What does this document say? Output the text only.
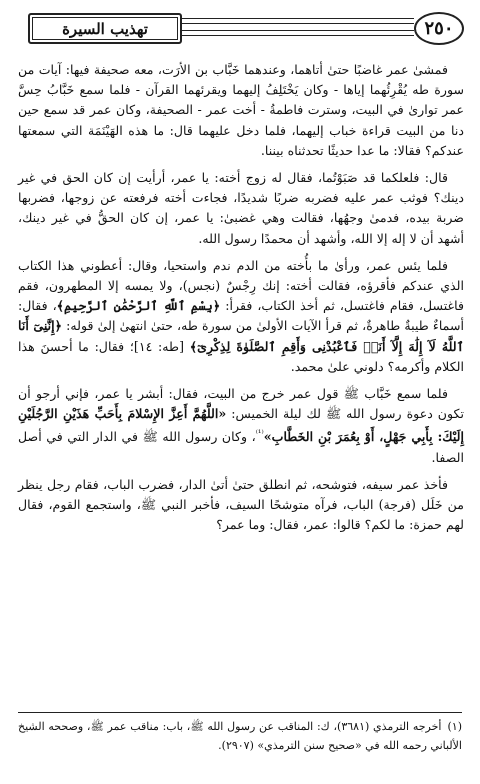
تهذيب السيرة	٢٥٠

فمشىٰ عمر غاضبًا حتىٰ أتاهما، وعندهما خَبَّاب بن الأرَت، معه صحيفة فيها: آيات من سورة طه يُقْرِئُهما إياها - وكان يَخْتَلِفُ إليهما ويقرئهما القرآن - فلما سمع خَبَّابُ حِسَّ عمر توارىٰ في البيت، وسترت فاطمةُ - أخت عمر - الصحيفة، وكان عمر قد سمع حين دنا من البيت قراءة خباب إليهما، فلما دخل عليهما قال: ما هذه الهَيْنَمَة التي سمعتها عندكم؟ فقالا: ما عدا حديثًا تحدثناه بيننا.

قال: فلعلكما قد صَبَوْتُما، فقال له زوج أخته: يا عمر، أرأيت إن كان الحق في غير دينك؟ فوثب عمر عليه فضربه ضربًا شديدًا، فجاءت أخته فرفعته عن زوجها، فضربها ضربة بيده، فدمىٰ وجهُها، فقالت وهي غضبىٰ: يا عمر، إن كان الحقُّ في غير دينك، أشهد أن لا إله إلا الله، وأشهد أن محمدًا رسول الله.

فلما يئس عمر، ورأىٰ ما بأُخته من الدم ندم واستحيا، وقال: أعطوني هذا الكتاب الذي عندكم فأقرؤه، فقالت أخته: إنك رِجْسٌ (نجس)، ولا يمسه إلا المطهرون، فقم فاغتسل، فقام فاغتسل، ثم أخذ الكتاب، فقرأ: ﴿بِسْمِ ٱللَّهِ ٱلرَّحْمَٰنِ ٱلرَّحِيمِ﴾، فقال: أسماءٌ طيبةٌ طاهرةٌ، ثم قرأ الآيات الأولىٰ من سورة طه، حتىٰ انتهىٰ إلىٰ قوله: ﴿إِنَّنِىٓ أَنَا ٱللَّهُ لَآ إِلَٰهَ إِلَّآ أَنَا۠ فَٱعْبُدْنِى وَأَقِمِ ٱلصَّلَوٰةَ لِذِكْرِىٓ﴾ [طه: ١٤]؛ فقال: ما أحسنَ هذا الكلام وأكرمه؟ دلوني علىٰ محمد.

فلما سمع خَبَّاب ﷺ قول عمر خرج من البيت، فقال: أبشر يا عمر، فإني أرجو أن تكون دعوة رسول الله ﷺ لك ليلة الخميس: «اللَّهُمَّ أَعِزَّ الإِسْلامَ بِأَحَبِّ هَذَيْنِ الرَّجُلَيْنِ إِلَيْكَ: بِأَبِي جَهْلٍ، أَوْ بِعُمَرَ بْنِ الخَطَّابِ»$^{^{(1)}}$، وكان رسول الله ﷺ في الدار التي في أصل الصفا.

فأخذ عمر سيفه، فتوشحه، ثم انطلق حتىٰ أتىٰ الدار، فضرب الباب، فقام رجل ينظر من خَلَل (فرجة) الباب، فرآه متوشحًا السيف، فأخبر النبي ﷺ، واستجمع القوم، فقال لهم حمزة: ما لكم؟ قالوا: عمر، فقال: وما عمر؟

(١)أخرجه الترمذي (٣٦٨١)، ك: المناقب عن رسول الله ﷺ، باب: مناقب عمر ﷺ، وصححه الشيخ الألباني رحمه الله في «صحيح سنن الترمذي» (٢٩٠٧).
